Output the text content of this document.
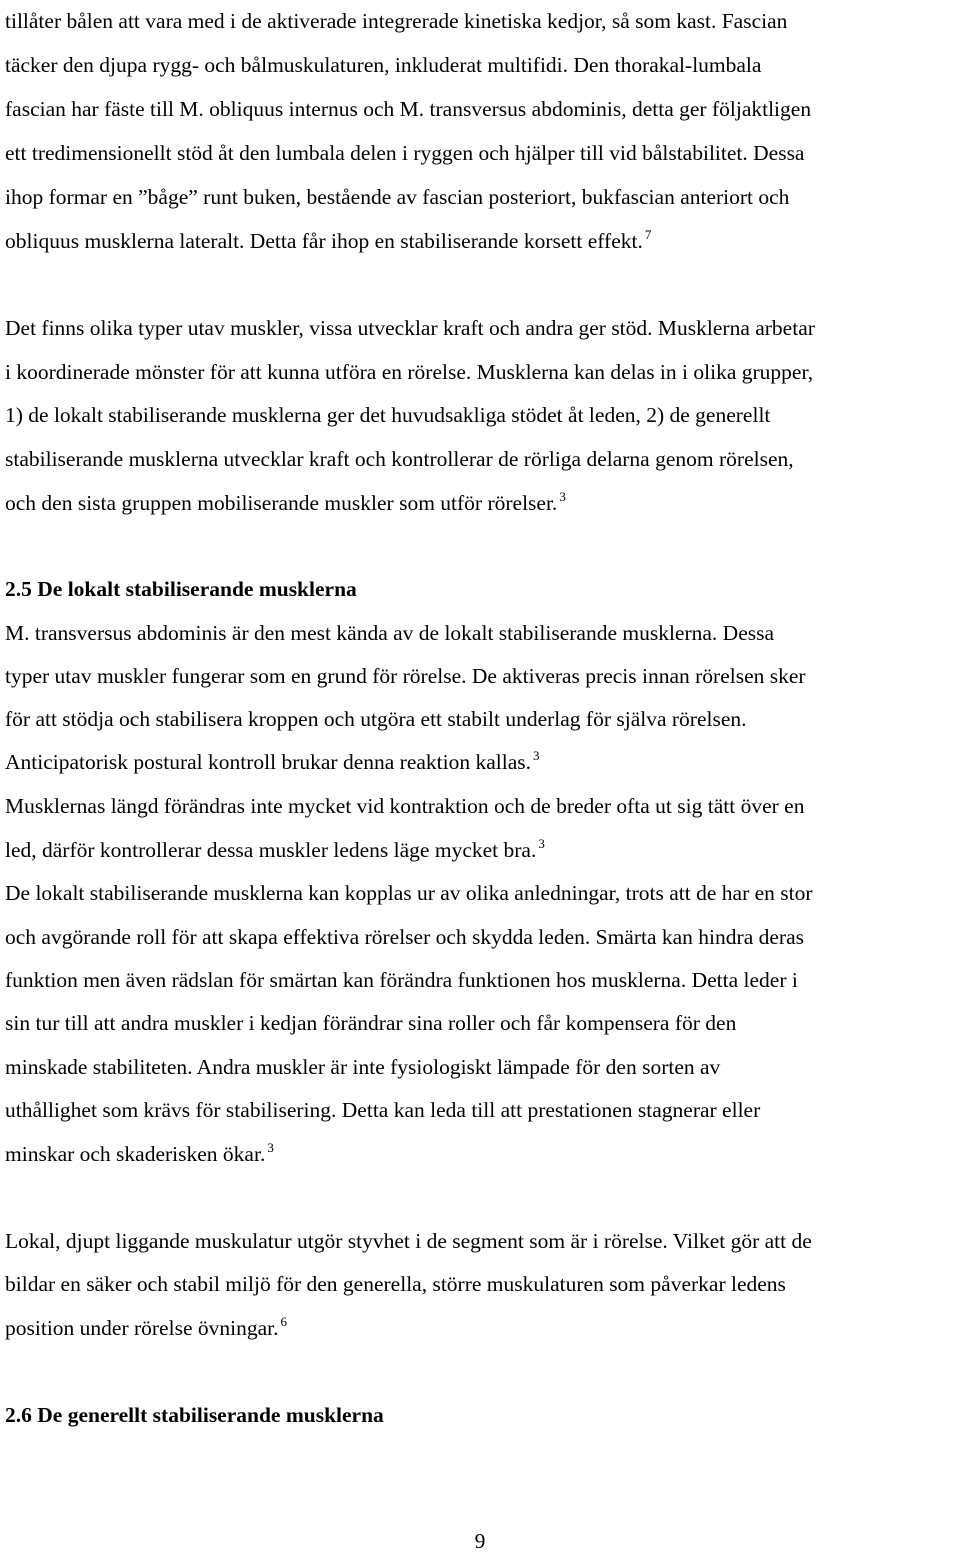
tillåter bålen att vara med i de aktiverade integrerade kinetiska kedjor, så som kast. Fascian
täcker den djupa rygg- och bålmuskulaturen, inkluderat multifidi. Den thorakal-lumbala
fascian har fäste till M. obliquus internus och M. transversus abdominis, detta ger följaktligen
ett tredimensionellt stöd åt den lumbala delen i ryggen och hjälper till vid bålstabilitet. Dessa
ihop formar en ”båge” runt buken, bestående av fascian posteriort, bukfascian anteriort och
obliquus musklerna lateralt. Detta får ihop en stabiliserande korsett effekt. $^7$
Det finns olika typer utav muskler, vissa utvecklar kraft och andra ger stöd. Musklerna arbetar
i koordinerade mönster för att kunna utföra en rörelse. Musklerna kan delas in i olika grupper,
1) de lokalt stabiliserande musklerna ger det huvudsakliga stödet åt leden, 2) de generellt
stabiliserande musklerna utvecklar kraft och kontrollerar de rörliga delarna genom rörelsen,
och den sista gruppen mobiliserande muskler som utför rörelser. $^3$
2.5 De lokalt stabiliserande musklerna
M. transversus abdominis är den mest kända av de lokalt stabiliserande musklerna. Dessa
typer utav muskler fungerar som en grund för rörelse. De aktiveras precis innan rörelsen sker
för att stödja och stabilisera kroppen och utgöra ett stabilt underlag för själva rörelsen.
Anticipatorisk postural kontroll brukar denna reaktion kallas. $^3$
Musklernas längd förändras inte mycket vid kontraktion och de breder ofta ut sig tätt över en
led, därför kontrollerar dessa muskler ledens läge mycket bra. $^3$
De lokalt stabiliserande musklerna kan kopplas ur av olika anledningar, trots att de har en stor
och avgörande roll för att skapa effektiva rörelser och skydda leden. Smärta kan hindra deras
funktion men även rädslan för smärtan kan förändra funktionen hos musklerna. Detta leder i
sin tur till att andra muskler i kedjan förändrar sina roller och får kompensera för den
minskade stabiliteten. Andra muskler är inte fysiologiskt lämpade för den sorten av
uthållighet som krävs för stabilisering. Detta kan leda till att prestationen stagnerar eller
minskar och skaderisken ökar. $^3$
Lokal, djupt liggande muskulatur utgör styvhet i de segment som är i rörelse. Vilket gör att de
bildar en säker och stabil miljö för den generella, större muskulaturen som påverkar ledens
position under rörelse övningar. $^6$
2.6 De generellt stabiliserande musklerna
9
